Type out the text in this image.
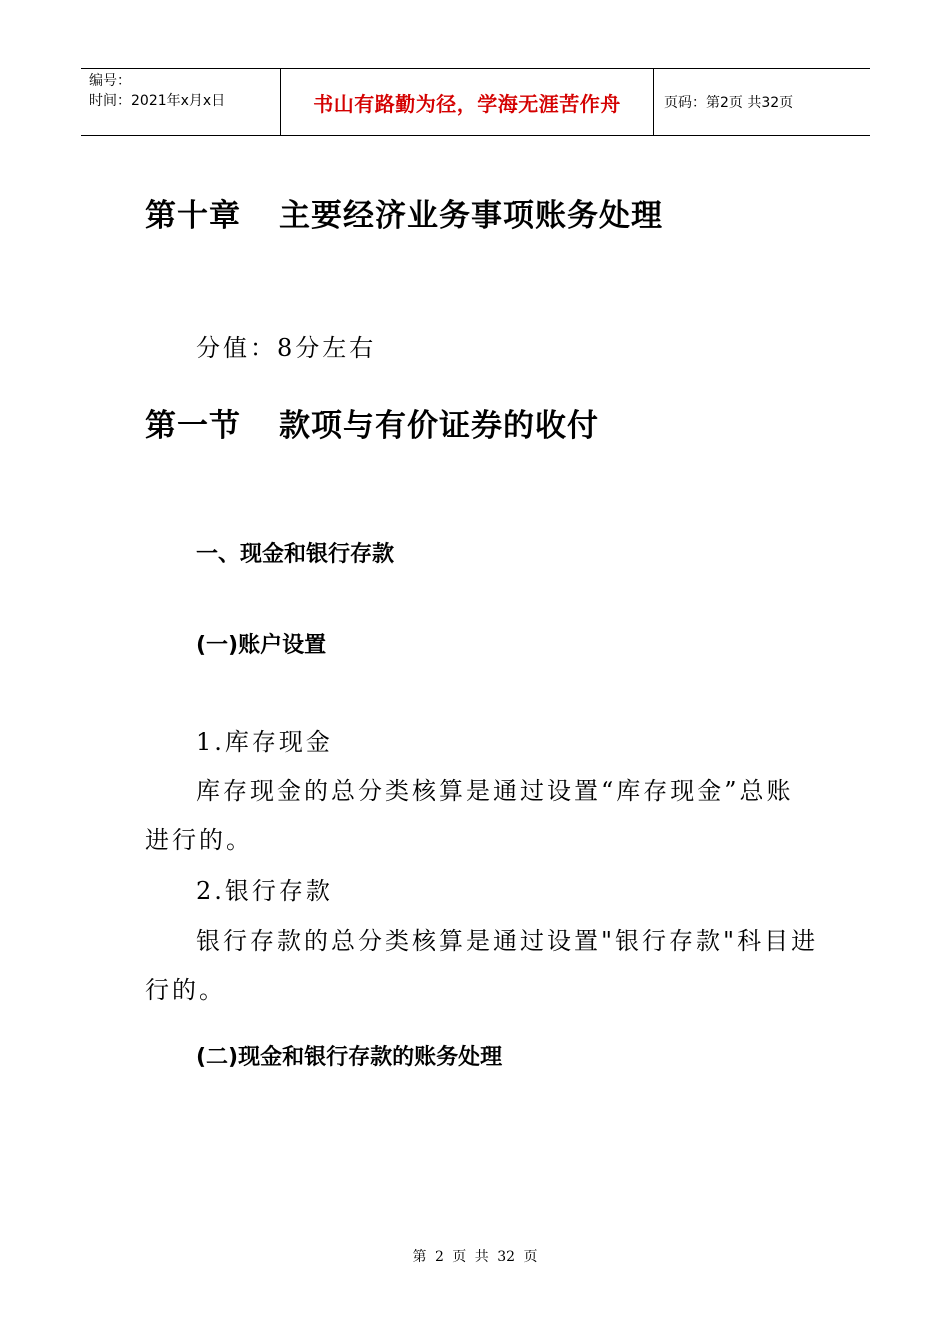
编号：
时间：2021年x月x日	书山有路勤为径，学海无涯苦作舟	页码：第2页 共32页
第十章 主要经济业务事项账务处理
分值：8分左右
第一节 款项与有价证券的收付
一、现金和银行存款
(一)账户设置
1.库存现金
库存现金的总分类核算是通过设置“库存现金”总账
进行的。
2.银行存款
银行存款的总分类核算是通过设置"银行存款"科目进
行的。
(二)现金和银行存款的账务处理
第 2 页 共 32 页
